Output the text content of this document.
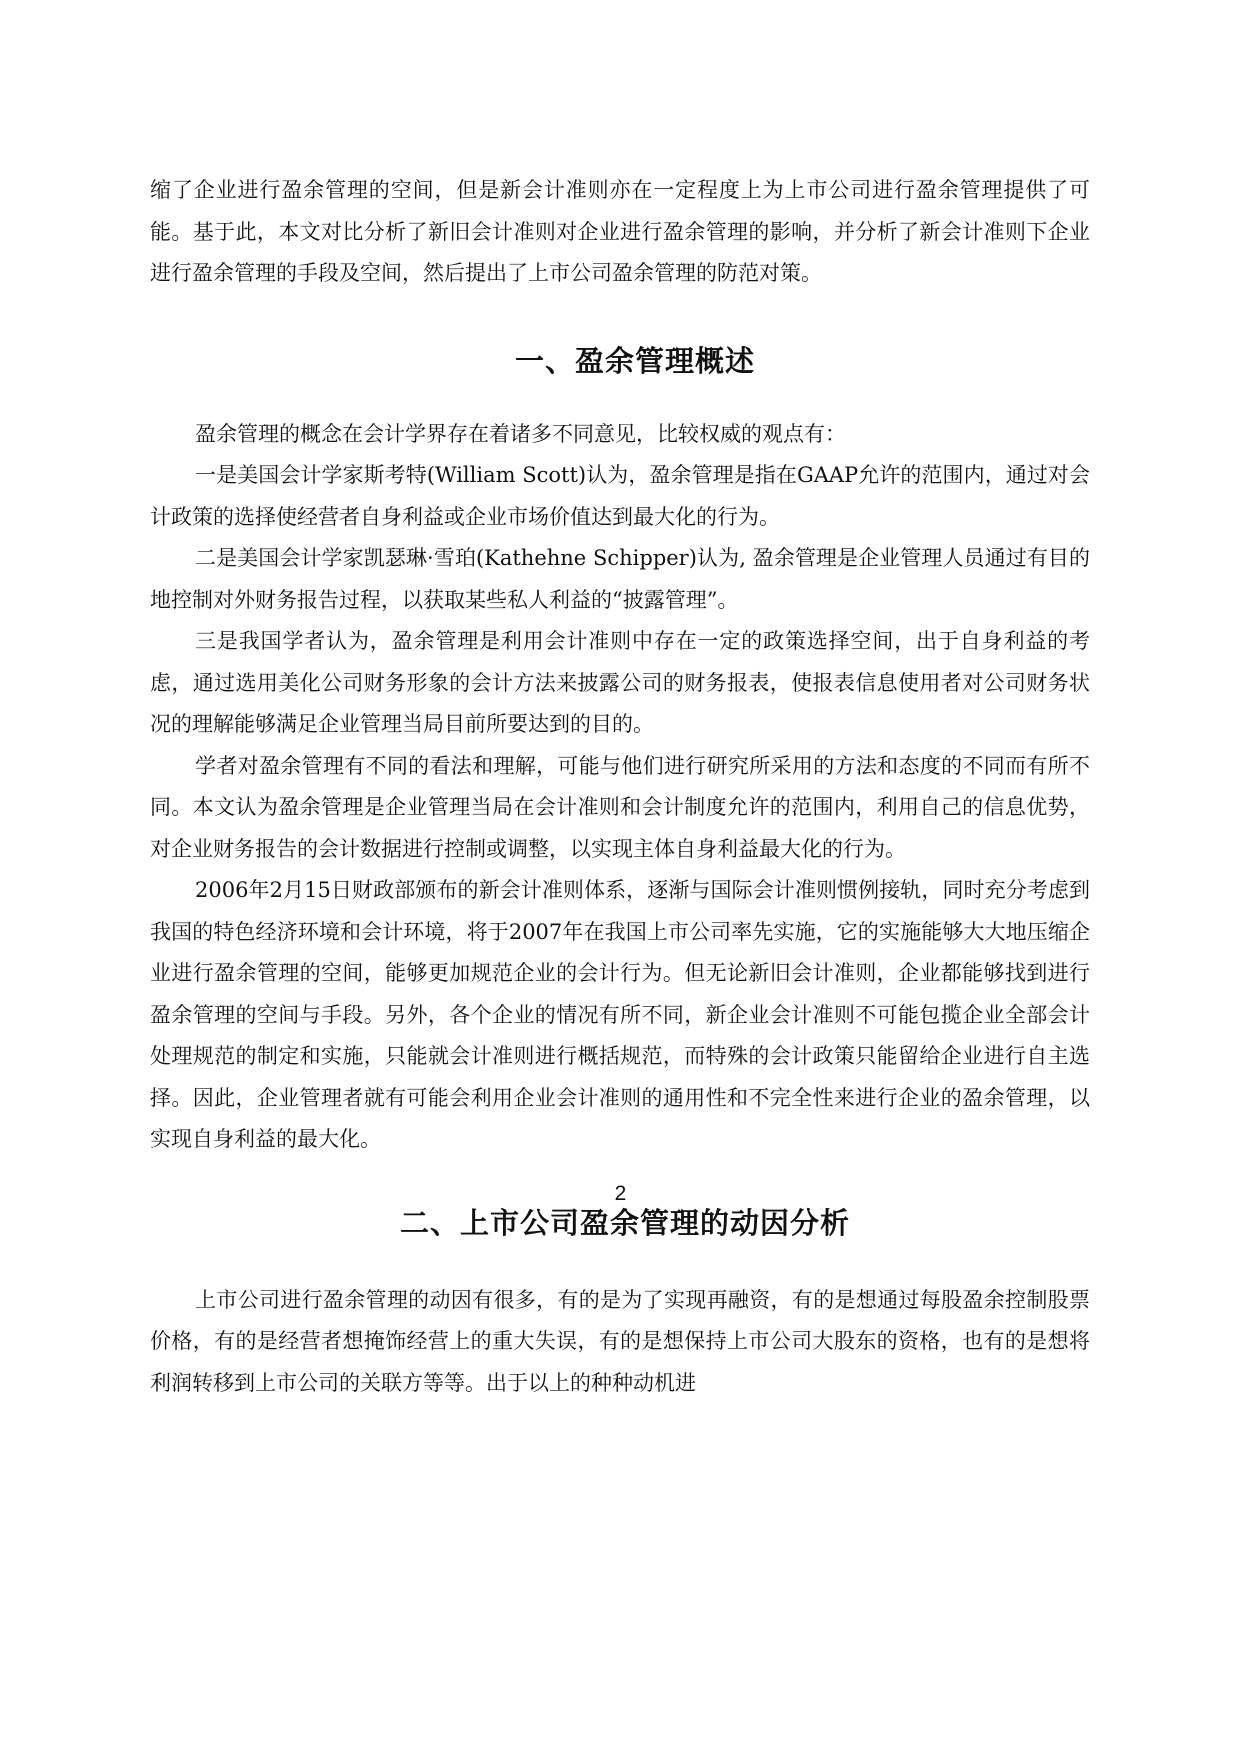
缩了企业进行盈余管理的空间，但是新会计准则亦在一定程度上为上市公司进行盈余管理提供了可能。基于此，本文对比分析了新旧会计准则对企业进行盈余管理的影响，并分析了新会计准则下企业进行盈余管理的手段及空间，然后提出了上市公司盈余管理的防范对策。

一、盈余管理概述

盈余管理的概念在会计学界存在着诸多不同意见，比较权威的观点有：

一是美国会计学家斯考特(William Scott)认为，盈余管理是指在GAAP允许的范围内，通过对会计政策的选择使经营者自身利益或企业市场价值达到最大化的行为。

二是美国会计学家凯瑟琳·雪珀(Kathehne Schipper)认为, 盈余管理是企业管理人员通过有目的地控制对外财务报告过程，以获取某些私人利益的“披露管理”。

三是我国学者认为，盈余管理是利用会计准则中存在一定的政策选择空间，出于自身利益的考虑，通过选用美化公司财务形象的会计方法来披露公司的财务报表，使报表信息使用者对公司财务状况的理解能够满足企业管理当局目前所要达到的目的。

学者对盈余管理有不同的看法和理解，可能与他们进行研究所采用的方法和态度的不同而有所不同。本文认为盈余管理是企业管理当局在会计准则和会计制度允许的范围内，利用自己的信息优势，对企业财务报告的会计数据进行控制或调整，以实现主体自身利益最大化的行为。

2006年2月15日财政部颁布的新会计准则体系，逐渐与国际会计准则惯例接轨，同时充分考虑到我国的特色经济环境和会计环境，将于2007年在我国上市公司率先实施，它的实施能够大大地压缩企业进行盈余管理的空间，能够更加规范企业的会计行为。但无论新旧会计准则，企业都能够找到进行盈余管理的空间与手段。另外，各个企业的情况有所不同，新企业会计准则不可能包揽企业全部会计处理规范的制定和实施，只能就会计准则进行概括规范，而特殊的会计政策只能留给企业进行自主选择。因此，企业管理者就有可能会利用企业会计准则的通用性和不完全性来进行企业的盈余管理，以实现自身利益的最大化。

二、上市公司盈余管理的动因分析

上市公司进行盈余管理的动因有很多，有的是为了实现再融资，有的是想通过每股盈余控制股票价格，有的是经营者想掩饰经营上的重大失误，有的是想保持上市公司大股东的资格，也有的是想将利润转移到上市公司的关联方等等。出于以上的种种动机进

2
